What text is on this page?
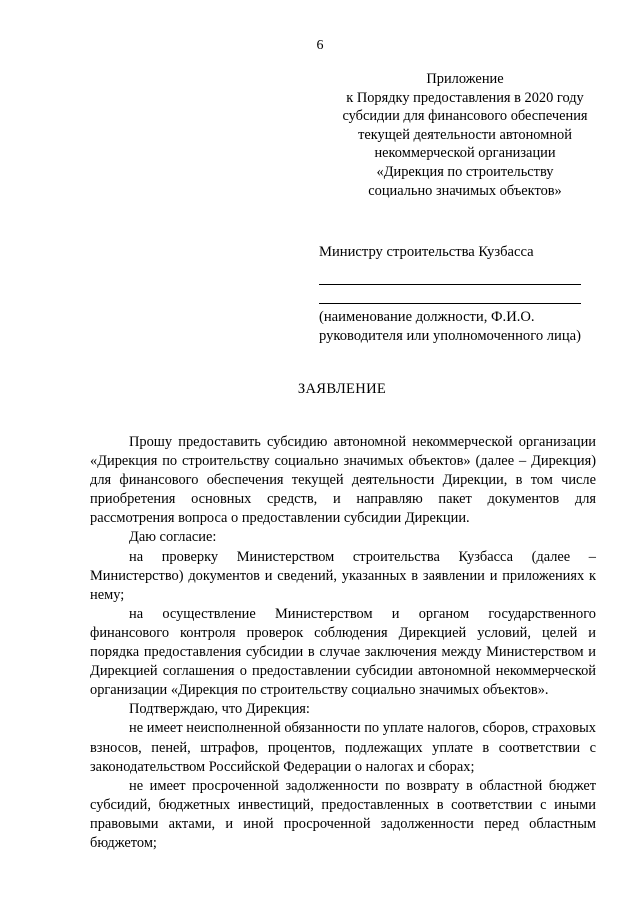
6
Приложение
к Порядку предоставления в 2020 году
субсидии для финансового обеспечения
текущей деятельности автономной
некоммерческой организации
«Дирекция по строительству
социально значимых объектов»
Министру строительства Кузбасса
(наименование должности, Ф.И.О.
руководителя или уполномоченного лица)
ЗАЯВЛЕНИЕ

Прошу предоставить субсидию автономной некоммерческой организации «Дирекция по строительству социально значимых объектов» (далее – Дирекция) для финансового обеспечения текущей деятельности Дирекции, в том числе приобретения основных средств, и направляю пакет документов для рассмотрения вопроса о предоставлении субсидии Дирекции.

Даю согласие:

на проверку Министерством строительства Кузбасса (далее – Министерство) документов и сведений, указанных в заявлении и приложениях к нему;

на осуществление Министерством и органом государственного финансового контроля проверок соблюдения Дирекцией условий, целей и порядка предоставления субсидии в случае заключения между Министерством и Дирекцией соглашения о предоставлении субсидии автономной некоммерческой организации «Дирекция по строительству социально значимых объектов».

Подтверждаю, что Дирекция:

не имеет неисполненной обязанности по уплате налогов, сборов, страховых взносов, пеней, штрафов, процентов, подлежащих уплате в соответствии с законодательством Российской Федерации о налогах и сборах;

не имеет просроченной задолженности по возврату в областной бюджет субсидий, бюджетных инвестиций, предоставленных в соответствии с иными правовыми актами, и иной просроченной задолженности перед областным бюджетом;
